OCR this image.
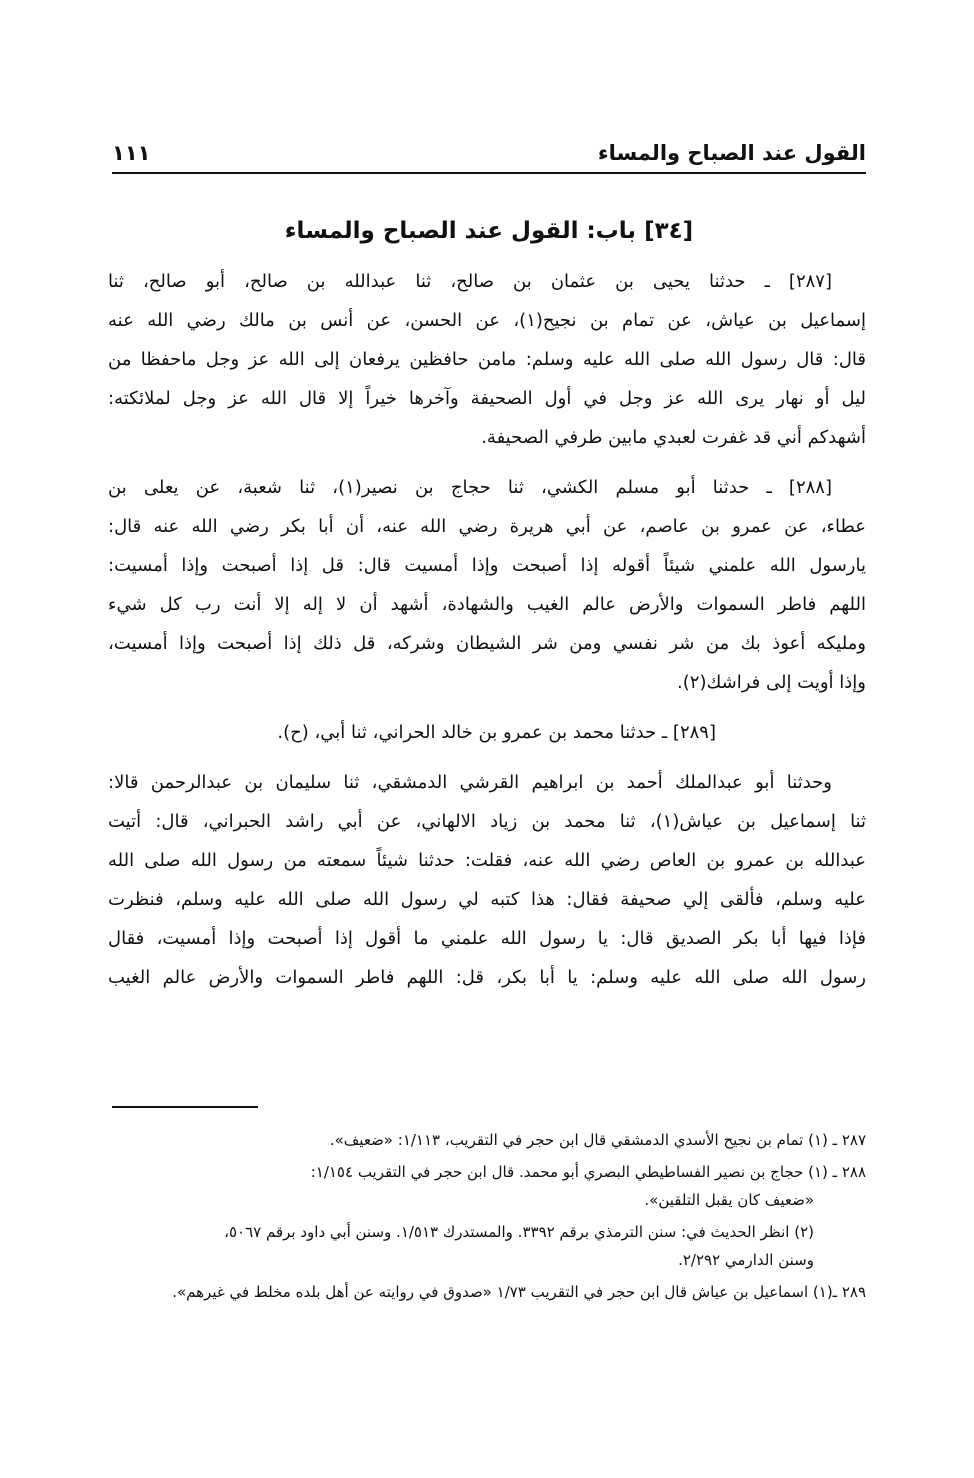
القول عند الصباح والمساء
١١١
[٣٤] باب: القول عند الصباح والمساء

[٢٨٧] ـ حدثنا يحيى بن عثمان بن صالح، ثنا عبدالله بن صالح، أبو صالح، ثنا
إسماعيل بن عياش، عن تمام بن نجيح(١)، عن الحسن، عن أنس بن مالك رضي الله عنه
قال: قال رسول الله صلى الله عليه وسلم: مامن حافظين يرفعان إلى الله عز وجل ماحفظا من
ليل أو نهار يرى الله عز وجل في أول الصحيفة وآخرها خيراً إلا قال الله عز وجل لملائكته:
أشهدكم أني قد غفرت لعبدي مابين طرفي الصحيفة.

[٢٨٨] ـ حدثنا أبو مسلم الكشي، ثنا حجاج بن نصير(١)، ثنا شعبة، عن يعلى بن
عطاء، عن عمرو بن عاصم، عن أبي هريرة رضي الله عنه، أن أبا بكر رضي الله عنه قال:
يارسول الله علمني شيئاً أقوله إذا أصبحت وإذا أمسيت قال: قل إذا أصبحت وإذا أمسيت:
اللهم فاطر السموات والأرض عالم الغيب والشهادة، أشهد أن لا إله إلا أنت رب كل شيء
ومليكه أعوذ بك من شر نفسي ومن شر الشيطان وشركه، قل ذلك إذا أصبحت وإذا أمسيت،
وإذا أويت إلى فراشك(٢).

[٢٨٩] ـ حدثنا محمد بن عمرو بن خالد الحراني، ثنا أبي، (ح).

وحدثنا أبو عبدالملك أحمد بن ابراهيم القرشي الدمشقي، ثنا سليمان بن عبدالرحمن قالا:
ثنا إسماعيل بن عياش(١)، ثنا محمد بن زياد الالهاني، عن أبي راشد الحبراني، قال: أتيت
عبدالله بن عمرو بن العاص رضي الله عنه، فقلت: حدثنا شيئاً سمعته من رسول الله صلى الله
عليه وسلم، فألقى إلي صحيفة فقال: هذا كتبه لي رسول الله صلى الله عليه وسلم، فنظرت
فإذا فيها أبا بكر الصديق قال: يا رسول الله علمني ما أقول إذا أصبحت وإذا أمسيت، فقال
رسول الله صلى الله عليه وسلم: يا أبا بكر، قل: اللهم فاطر السموات والأرض عالم الغيب

٢٨٧ ـ (١) تمام بن نجيح الأسدي الدمشقي قال ابن حجر في التقريب، ١/١١٣: «ضعيف».

٢٨٨ ـ (١) حجاج بن نصير الفساطيطي البصري أبو محمد. قال ابن حجر في التقريب ١/١٥٤:
«ضعيف كان يقبل التلقين».

(٢) انظر الحديث في: سنن الترمذي برقم ٣٣٩٢. والمستدرك ١/٥١٣. وسنن أبي داود برقم ٥٠٦٧،
وسنن الدارمي ٢/٢٩٢.

٢٨٩ ـ(١) اسماعيل بن عياش قال ابن حجر في التقريب ١/٧٣ «صدوق في روايته عن أهل بلده مخلط في غيرهم».
